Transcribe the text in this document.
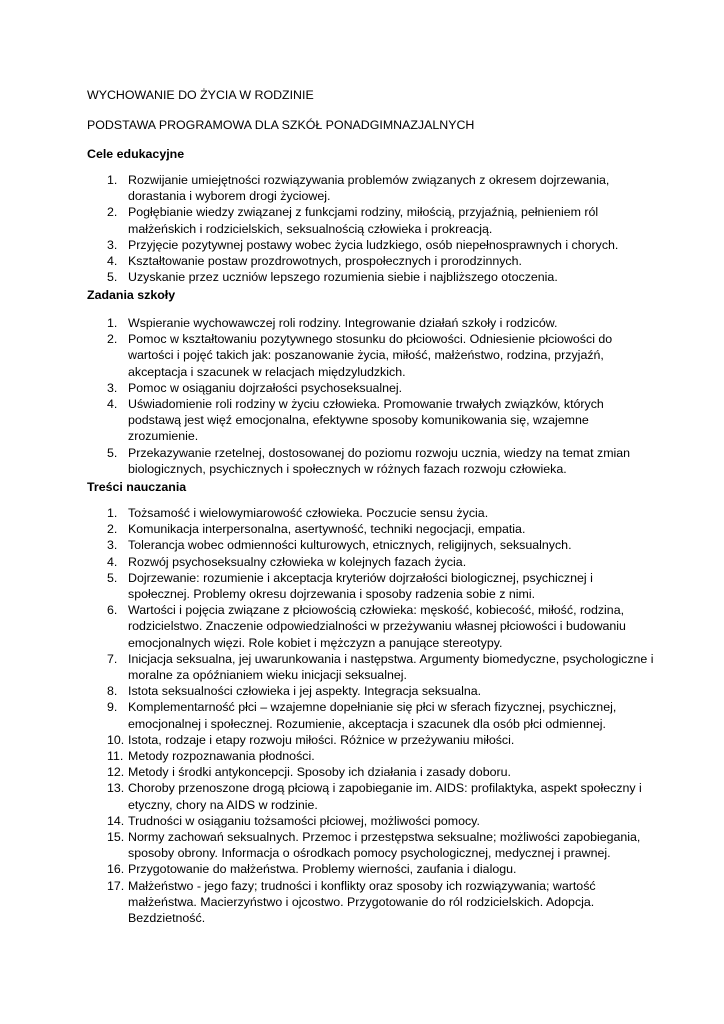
WYCHOWANIE DO ŻYCIA W RODZINIE
PODSTAWA PROGRAMOWA DLA SZKÓŁ PONADGIMNAZJALNYCH
Cele edukacyjne
1. Rozwijanie umiejętności rozwiązywania problemów związanych z okresem dojrzewania, dorastania i wyborem drogi życiowej.
2. Pogłębianie wiedzy związanej z funkcjami rodziny, miłością, przyjaźnią, pełnieniem ról małżeńskich i rodzicielskich, seksualnością człowieka i prokreacją.
3. Przyjęcie pozytywnej postawy wobec życia ludzkiego, osób niepełnosprawnych i chorych.
4. Kształtowanie postaw prozdrowotnych, prospołecznych i prorodzinnych.
5. Uzyskanie przez uczniów lepszego rozumienia siebie i najbliższego otoczenia.
Zadania szkoły
1. Wspieranie wychowawczej roli rodziny. Integrowanie działań szkoły i rodziców.
2. Pomoc w kształtowaniu pozytywnego stosunku do płciowości. Odniesienie płciowości do wartości i pojęć takich jak: poszanowanie życia, miłość, małżeństwo, rodzina, przyjaźń, akceptacja i szacunek w relacjach międzyludzkich.
3. Pomoc w osiąganiu dojrzałości psychoseksualnej.
4. Uświadomienie roli rodziny w życiu człowieka. Promowanie trwałych związków, których podstawą jest więź emocjonalna, efektywne sposoby komunikowania się, wzajemne zrozumienie.
5. Przekazywanie rzetelnej, dostosowanej do poziomu rozwoju ucznia, wiedzy na temat zmian biologicznych, psychicznych i społecznych w różnych fazach rozwoju człowieka.
Treści nauczania
1. Tożsamość i wielowymiarowość człowieka. Poczucie sensu życia.
2. Komunikacja interpersonalna, asertywność, techniki negocjacji, empatia.
3. Tolerancja wobec odmienności kulturowych, etnicznych, religijnych, seksualnych.
4. Rozwój psychoseksualny człowieka w kolejnych fazach życia.
5. Dojrzewanie: rozumienie i akceptacja kryteriów dojrzałości biologicznej, psychicznej i społecznej. Problemy okresu dojrzewania i sposoby radzenia sobie z nimi.
6. Wartości i pojęcia związane z płciowością człowieka: męskość, kobiecość, miłość, rodzina, rodzicielstwo. Znaczenie odpowiedzialności w przeżywaniu własnej płciowości i budowaniu emocjonalnych więzi. Role kobiet i mężczyzn a panujące stereotypy.
7. Inicjacja seksualna, jej uwarunkowania i następstwa. Argumenty biomedyczne, psychologiczne i moralne za opóźnianiem wieku inicjacji seksualnej.
8. Istota seksualności człowieka i jej aspekty. Integracja seksualna.
9. Komplementarność płci – wzajemne dopełnianie się płci w sferach fizycznej, psychicznej, emocjonalnej i społecznej. Rozumienie, akceptacja i szacunek dla osób płci odmiennej.
10. Istota, rodzaje i etapy rozwoju miłości. Różnice w przeżywaniu miłości.
11. Metody rozpoznawania płodności.
12. Metody i środki antykoncepcji. Sposoby ich działania i zasady doboru.
13. Choroby przenoszone drogą płciową i zapobieganie im. AIDS: profilaktyka, aspekt społeczny i etyczny, chory na AIDS w rodzinie.
14. Trudności w osiąganiu tożsamości płciowej, możliwości pomocy.
15. Normy zachowań seksualnych. Przemoc i przestępstwa seksualne; możliwości zapobiegania, sposoby obrony. Informacja o ośrodkach pomocy psychologicznej, medycznej i prawnej.
16. Przygotowanie do małżeństwa. Problemy wierności, zaufania i dialogu.
17. Małżeństwo - jego fazy; trudności i konflikty oraz sposoby ich rozwiązywania; wartość małżeństwa. Macierzyństwo i ojcostwo. Przygotowanie do ról rodzicielskich. Adopcja. Bezdzietność.
